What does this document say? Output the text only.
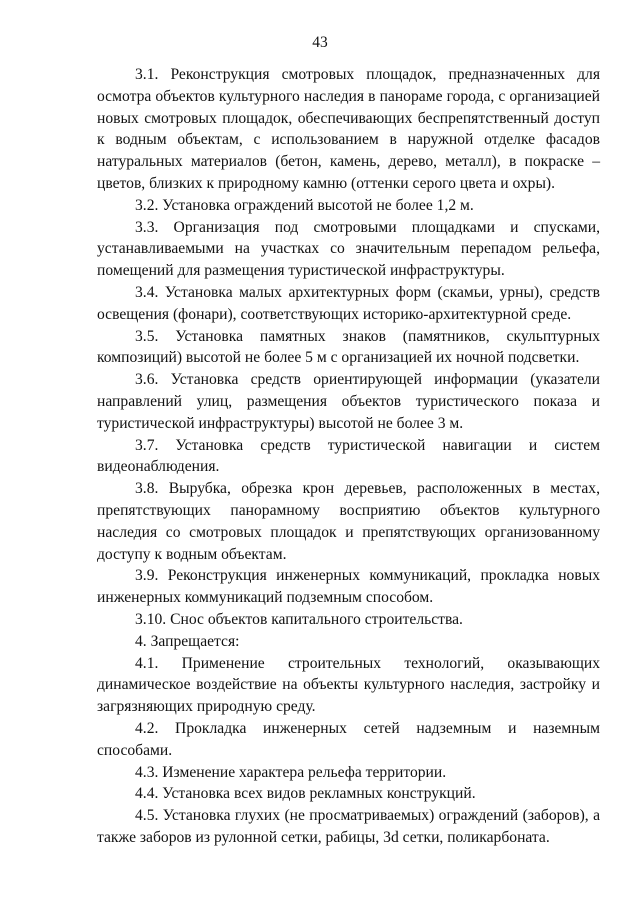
43

3.1. Реконструкция смотровых площадок, предназначенных для осмотра объектов культурного наследия в панораме города, с организацией новых смотровых площадок, обеспечивающих беспрепятственный доступ к водным объектам, с использованием в наружной отделке фасадов натуральных материалов (бетон, камень, дерево, металл), в покраске – цветов, близких к природному камню (оттенки серого цвета и охры).

3.2. Установка ограждений высотой не более 1,2 м.

3.3. Организация под смотровыми площадками и спусками, устанавливаемыми на участках со значительным перепадом рельефа, помещений для размещения туристической инфраструктуры.

3.4. Установка малых архитектурных форм (скамьи, урны), средств освещения (фонари), соответствующих историко-архитектурной среде.

3.5. Установка памятных знаков (памятников, скульптурных композиций) высотой не более 5 м с организацией их ночной подсветки.

3.6. Установка средств ориентирующей информации (указатели направлений улиц, размещения объектов туристического показа и туристической инфраструктуры) высотой не более 3 м.

3.7. Установка средств туристической навигации и систем видеонаблюдения.

3.8. Вырубка, обрезка крон деревьев, расположенных в местах, препятствующих панорамному восприятию объектов культурного наследия со смотровых площадок и препятствующих организованному доступу к водным объектам.

3.9. Реконструкция инженерных коммуникаций, прокладка новых инженерных коммуникаций подземным способом.

3.10. Снос объектов капитального строительства.

4. Запрещается:

4.1. Применение строительных технологий, оказывающих динамическое воздействие на объекты культурного наследия, застройку и загрязняющих природную среду.

4.2. Прокладка инженерных сетей надземным и наземным способами.

4.3. Изменение характера рельефа территории.

4.4. Установка всех видов рекламных конструкций.

4.5. Установка глухих (не просматриваемых) ограждений (заборов), а также заборов из рулонной сетки, рабицы, 3d сетки, поликарбоната.
